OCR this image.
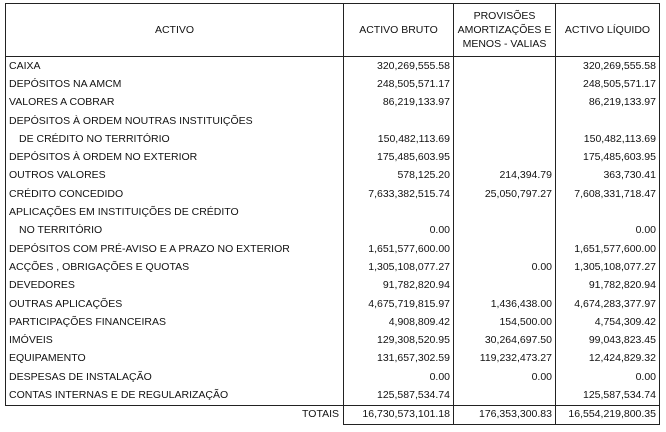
ACTIVO	ACTIVO BRUTO	PROVISÕES
AMORTIZAÇÕES E
MENOS - VALIAS	ACTIVO LÍQUIDO
CAIXA	320,269,555.58		320,269,555.58
DEPÓSITOS NA AMCM	248,505,571.17		248,505,571.17
VALORES A COBRAR	86,219,133.97		86,219,133.97
DEPÓSITOS À ORDEM NOUTRAS INSTITUIÇÕES			
DE CRÉDITO NO TERRITÓRIO	150,482,113.69		150,482,113.69
DEPÓSITOS À ORDEM NO EXTERIOR	175,485,603.95		175,485,603.95
OUTROS VALORES	578,125.20	214,394.79	363,730.41
CRÉDITO CONCEDIDO	7,633,382,515.74	25,050,797.27	7,608,331,718.47
APLICAÇÕES EM INSTITUIÇÕES DE CRÉDITO			
NO TERRITÓRIO	0.00		0.00
DEPÓSITOS COM PRÉ-AVISO E A PRAZO NO EXTERIOR	1,651,577,600.00		1,651,577,600.00
ACÇÕES , OBRIGAÇÕES E QUOTAS	1,305,108,077.27	0.00	1,305,108,077.27
DEVEDORES	91,782,820.94		91,782,820.94
OUTRAS APLICAÇÕES	4,675,719,815.97	1,436,438.00	4,674,283,377.97
PARTICIPAÇÕES FINANCEIRAS	4,908,809.42	154,500.00	4,754,309.42
IMÓVEIS	129,308,520.95	30,264,697.50	99,043,823.45
EQUIPAMENTO	131,657,302.59	119,232,473.27	12,424,829.32
DESPESAS DE INSTALAÇÃO	0.00	0.00	0.00
CONTAS INTERNAS E DE REGULARIZAÇÃO	125,587,534.74		125,587,534.74
TOTAIS	16,730,573,101.18	176,353,300.83	16,554,219,800.35
